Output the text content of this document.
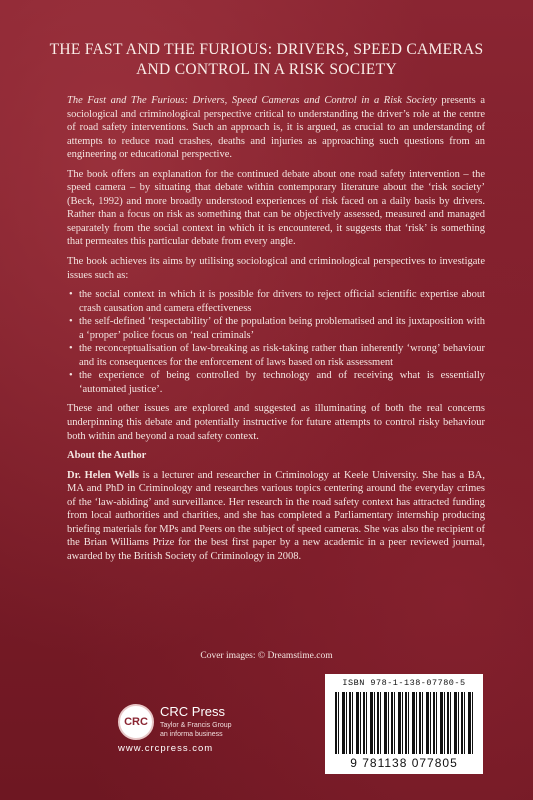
THE FAST AND THE FURIOUS: DRIVERS, SPEED CAMERAS AND CONTROL IN A RISK SOCIETY

The Fast and The Furious: Drivers, Speed Cameras and Control in a Risk Society presents a sociological and criminological perspective critical to understanding the driver’s role at the centre of road safety interventions. Such an approach is, it is argued, as crucial to an understanding of attempts to reduce road crashes, deaths and injuries as approaching such questions from an engineering or educational perspective.

The book offers an explanation for the continued debate about one road safety intervention – the speed camera – by situating that debate within contemporary literature about the ‘risk society’ (Beck, 1992) and more broadly understood experiences of risk faced on a daily basis by drivers. Rather than a focus on risk as something that can be objectively assessed, measured and managed separately from the social context in which it is encountered, it suggests that ‘risk’ is something that permeates this particular debate from every angle.

The book achieves its aims by utilising sociological and criminological perspectives to investigate issues such as:

• the social context in which it is possible for drivers to reject official scientific expertise about crash causation and camera effectiveness
• the self-defined ‘respectability’ of the population being problematised and its juxtaposition with a ‘proper’ police focus on ‘real criminals’
• the reconceptualisation of law-breaking as risk-taking rather than inherently ‘wrong’ behaviour and its consequences for the enforcement of laws based on risk assessment
• the experience of being controlled by technology and of receiving what is essentially ‘automated justice’.

These and other issues are explored and suggested as illuminating of both the real concerns underpinning this debate and potentially instructive for future attempts to control risky behaviour both within and beyond a road safety context.

About the Author

Dr. Helen Wells is a lecturer and researcher in Criminology at Keele University. She has a BA, MA and PhD in Criminology and researches various topics centering around the everyday crimes of the ‘law-abiding’ and surveillance. Her research in the road safety context has attracted funding from local authorities and charities, and she has completed a Parliamentary internship producing briefing materials for MPs and Peers on the subject of speed cameras. She was also the recipient of the Brian Williams Prize for the best first paper by a new academic in a peer reviewed journal, awarded by the British Society of Criminology in 2008.

Cover images: © Dreamstime.com
CRC
CRC Press
Taylor & Francis Group
an informa business
www.crcpress.com
ISBN 978-1-138-07780-5
9 781138 077805
